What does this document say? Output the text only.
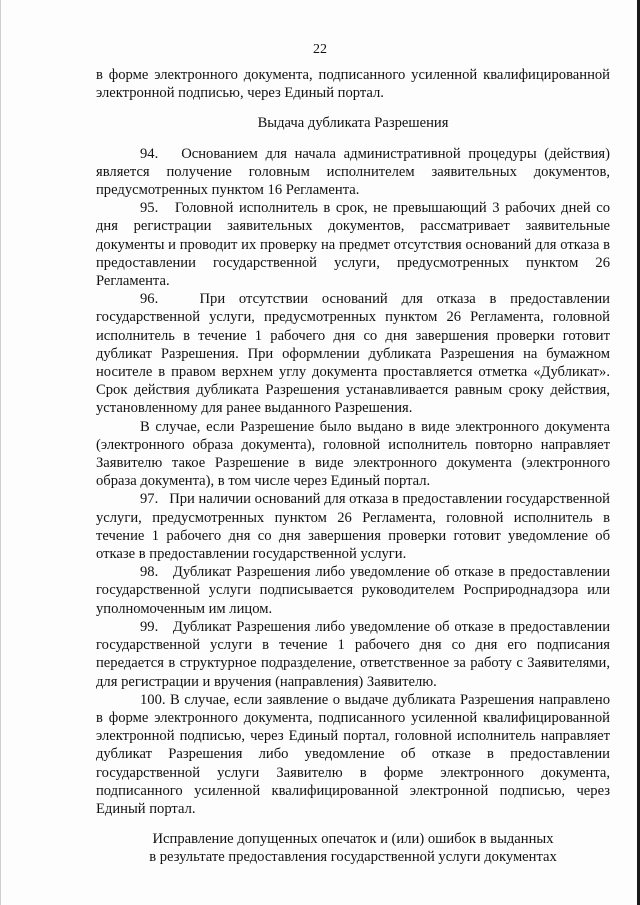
22

в форме электронного документа, подписанного усиленной квалифицированной электронной подписью, через Единый портал.

Выдача дубликата Разрешения

94.   Основанием для начала административной процедуры (действия) является получение головным исполнителем заявительных документов, предусмотренных пунктом 16 Регламента.

95.   Головной исполнитель в срок, не превышающий 3 рабочих дней со дня регистрации заявительных документов, рассматривает заявительные документы и проводит их проверку на предмет отсутствия оснований для отказа в предоставлении государственной услуги, предусмотренных пунктом 26 Регламента.

96.   При отсутствии оснований для отказа в предоставлении государственной услуги, предусмотренных пунктом 26 Регламента, головной исполнитель в течение 1 рабочего дня со дня завершения проверки готовит дубликат Разрешения. При оформлении дубликата Разрешения на бумажном носителе в правом верхнем углу документа проставляется отметка «Дубликат». Срок действия дубликата Разрешения устанавливается равным сроку действия, установленному для ранее выданного Разрешения.

В случае, если Разрешение было выдано в виде электронного документа (электронного образа документа), головной исполнитель повторно направляет Заявителю такое Разрешение в виде электронного документа (электронного образа документа), в том числе через Единый портал.

97.   При наличии оснований для отказа в предоставлении государственной услуги, предусмотренных пунктом 26 Регламента, головной исполнитель в течение 1 рабочего дня со дня завершения проверки готовит уведомление об отказе в предоставлении государственной услуги.

98.   Дубликат Разрешения либо уведомление об отказе в предоставлении государственной услуги подписывается руководителем Росприроднадзора или уполномоченным им лицом.

99.   Дубликат Разрешения либо уведомление об отказе в предоставлении государственной услуги в течение 1 рабочего дня со дня его подписания передается в структурное подразделение, ответственное за работу с Заявителями, для регистрации и вручения (направления) Заявителю.

100. В случае, если заявление о выдаче дубликата Разрешения направлено в форме электронного документа, подписанного усиленной квалифицированной электронной подписью, через Единый портал, головной исполнитель направляет дубликат Разрешения либо уведомление об отказе в предоставлении государственной услуги Заявителю в форме электронного документа, подписанного усиленной квалифицированной электронной подписью, через Единый портал.

Исправление допущенных опечаток и (или) ошибок в выданных

в результате предоставления государственной услуги документах
